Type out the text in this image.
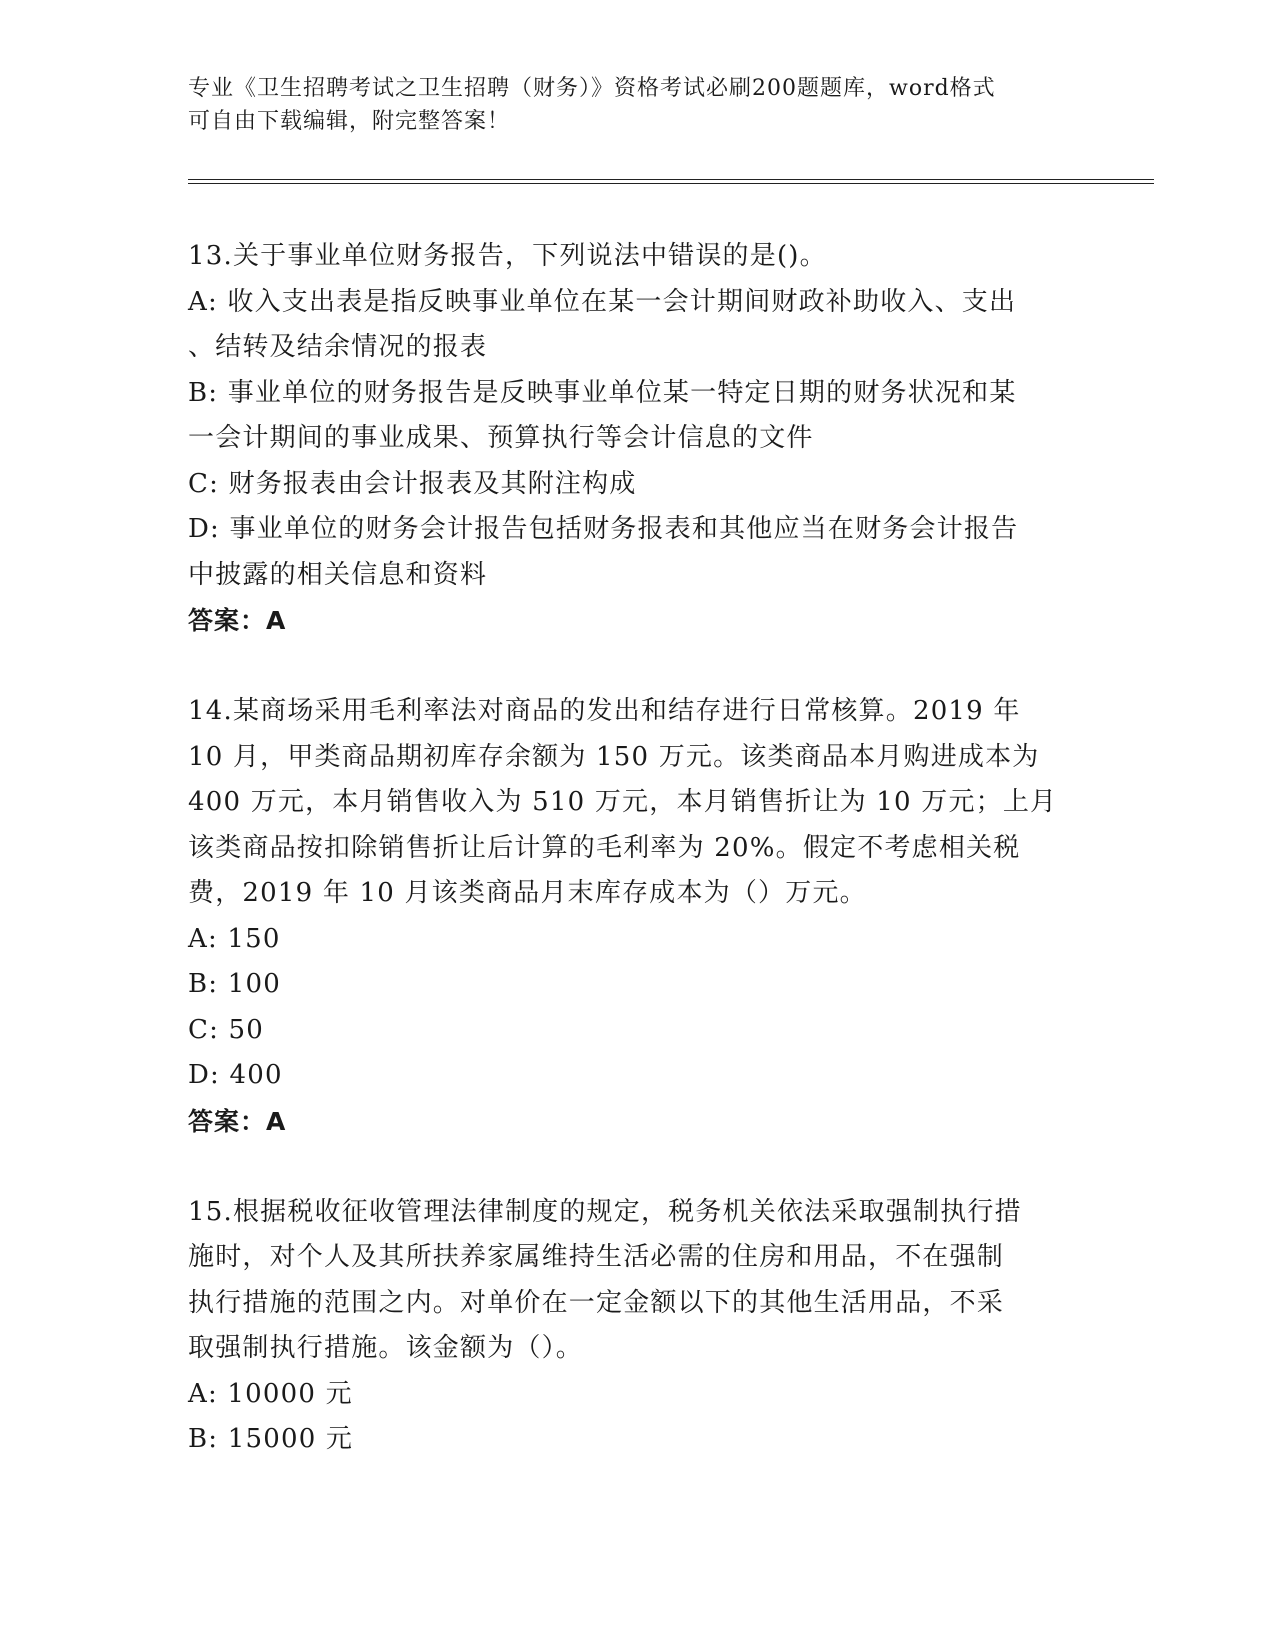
专业《卫生招聘考试之卫生招聘（财务）》资格考试必刷200题题库，word格式
可自由下载编辑，附完整答案！
13.关于事业单位财务报告，下列说法中错误的是()。
A: 收入支出表是指反映事业单位在某一会计期间财政补助收入、支出
、结转及结余情况的报表
B: 事业单位的财务报告是反映事业单位某一特定日期的财务状况和某
一会计期间的事业成果、预算执行等会计信息的文件
C: 财务报表由会计报表及其附注构成
D: 事业单位的财务会计报告包括财务报表和其他应当在财务会计报告
中披露的相关信息和资料
答案：A
14.某商场采用毛利率法对商品的发出和结存进行日常核算。2019 年
10 月，甲类商品期初库存余额为 150 万元。该类商品本月购进成本为
400 万元，本月销售收入为 510 万元，本月销售折让为 10 万元；上月
该类商品按扣除销售折让后计算的毛利率为 20%。假定不考虑相关税
费，2019 年 10 月该类商品月末库存成本为（）万元。
A: 150
B: 100
C: 50
D: 400
答案：A
15.根据税收征收管理法律制度的规定，税务机关依法采取强制执行措
施时，对个人及其所扶养家属维持生活必需的住房和用品，不在强制
执行措施的范围之内。对单价在一定金额以下的其他生活用品，不采
取强制执行措施。该金额为（）。
A: 10000 元
B: 15000 元
